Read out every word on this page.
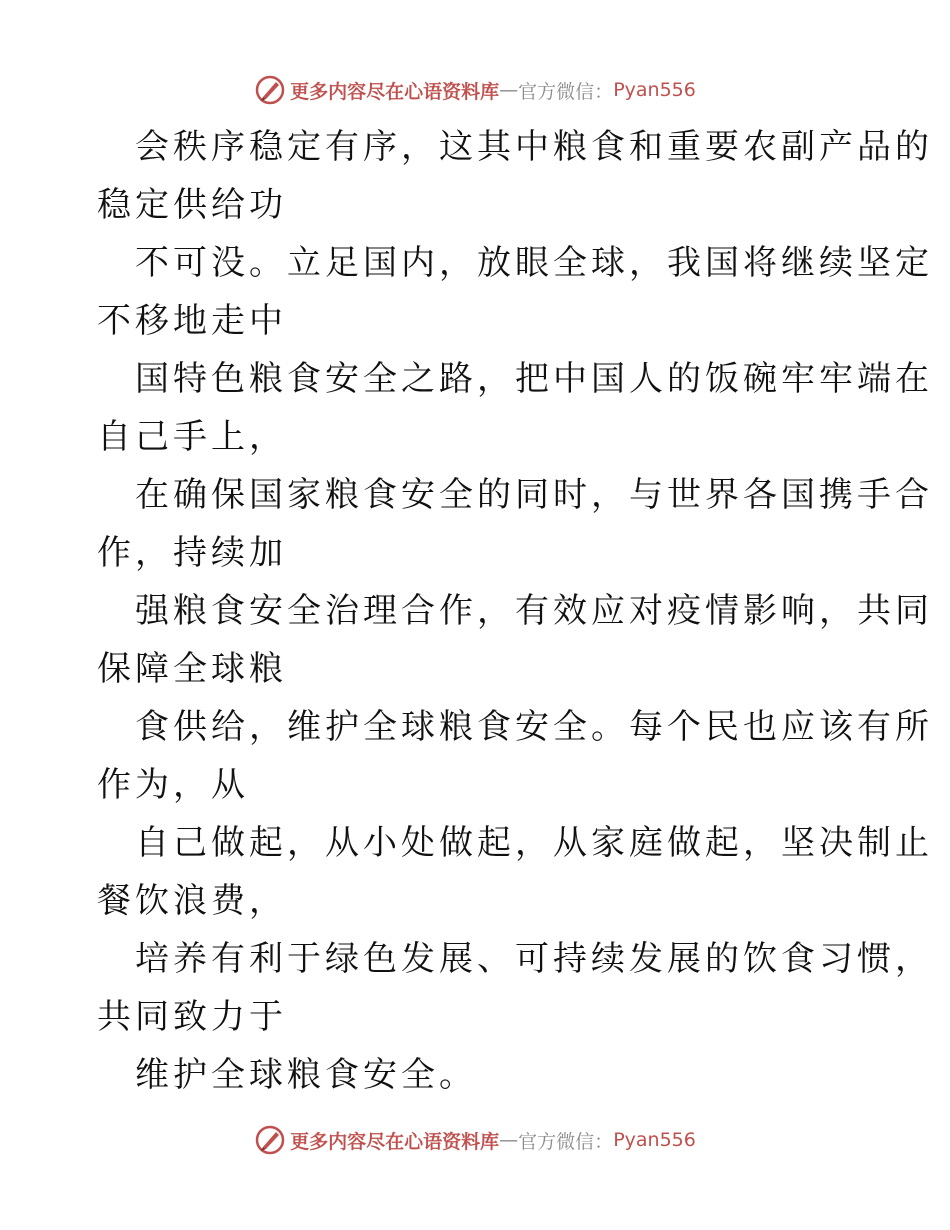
更多内容尽在心语资料库 — 官方微信： Pyan556

会秩序稳定有序，这其中粮食和重要农副产品的
稳定供给功

不可没。立足国内，放眼全球，我国将继续坚定
不移地走中

国特色粮食安全之路，把中国人的饭碗牢牢端在
自己手上，

在确保国家粮食安全的同时，与世界各国携手合
作，持续加

强粮食安全治理合作，有效应对疫情影响，共同
保障全球粮

食供给，维护全球粮食安全。每个民也应该有所
作为，从

自己做起，从小处做起，从家庭做起，坚决制止
餐饮浪费，

培养有利于绿色发展、可持续发展的饮食习惯，
共同致力于

维护全球粮食安全。

更多内容尽在心语资料库 — 官方微信： Pyan556
